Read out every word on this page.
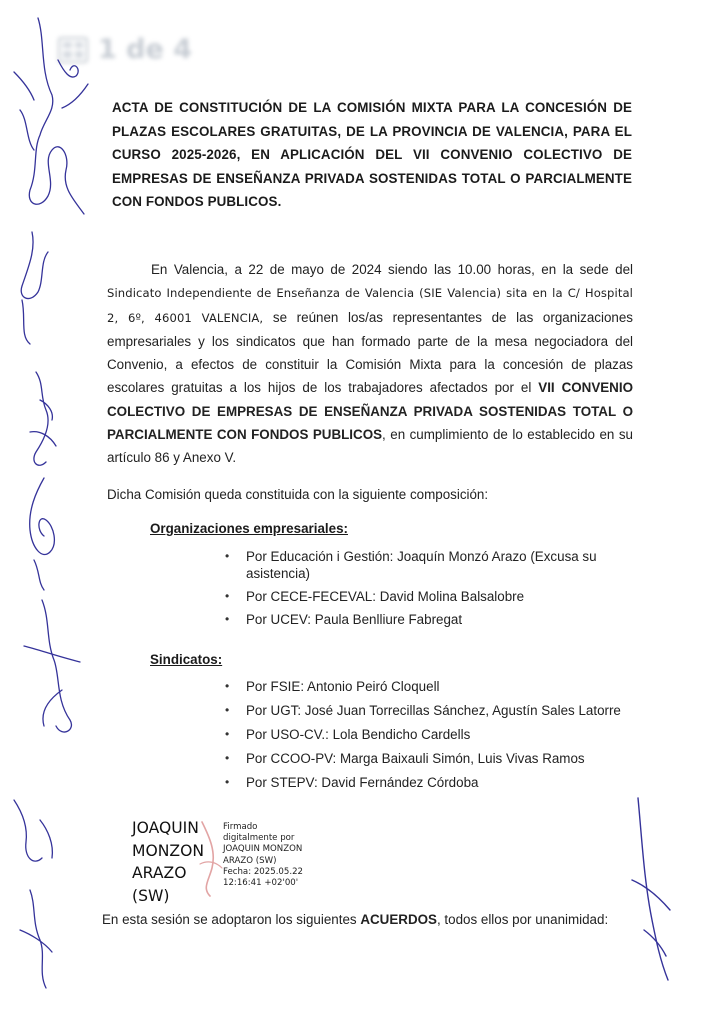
1 de 4
ACTA DE CONSTITUCIÓN DE LA COMISIÓN MIXTA PARA LA CONCESIÓN DE PLAZAS ESCOLARES GRATUITAS, DE LA PROVINCIA DE VALENCIA, PARA EL CURSO 2025-2026, EN APLICACIÓN DEL VII CONVENIO COLECTIVO DE EMPRESAS DE ENSEÑANZA PRIVADA SOSTENIDAS TOTAL O PARCIALMENTE CON FONDOS PUBLICOS.
En Valencia, a 22 de mayo de 2024 siendo las 10.00 horas, en la sede del Sindicato Independiente de Enseñanza de Valencia (SIE Valencia) sita en la C/ Hospital 2, 6º, 46001 VALENCIA, se reúnen los/as representantes de las organizaciones empresariales y los sindicatos que han formado parte de la mesa negociadora del Convenio, a efectos de constituir la Comisión Mixta para la concesión de plazas escolares gratuitas a los hijos de los trabajadores afectados por el VII CONVENIO COLECTIVO DE EMPRESAS DE ENSEÑANZA PRIVADA SOSTENIDAS TOTAL O PARCIALMENTE CON FONDOS PUBLICOS, en cumplimiento de lo establecido en su artículo 86 y Anexo V.
Dicha Comisión queda constituida con la siguiente composición:
Organizaciones empresariales:
• Por Educación i Gestión: Joaquín Monzó Arazo (Excusa su asistencia)
• Por CECE-FECEVAL: David Molina Balsalobre
• Por UCEV: Paula Benlliure Fabregat
Sindicatos:
• Por FSIE: Antonio Peiró Cloquell
• Por UGT: José Juan Torrecillas Sánchez, Agustín Sales Latorre
• Por USO-CV.: Lola Bendicho Cardells
• Por CCOO-PV: Marga Baixauli Simón, Luis Vivas Ramos
• Por STEPV: David Fernández Córdoba
JOAQUIN
MONZON
ARAZO
(SW)
Firmado
digitalmente por
JOAQUIN MONZON
ARAZO (SW)
Fecha: 2025.05.22
12:16:41 +02'00'
En esta sesión se adoptaron los siguientes ACUERDOS, todos ellos por unanimidad:
